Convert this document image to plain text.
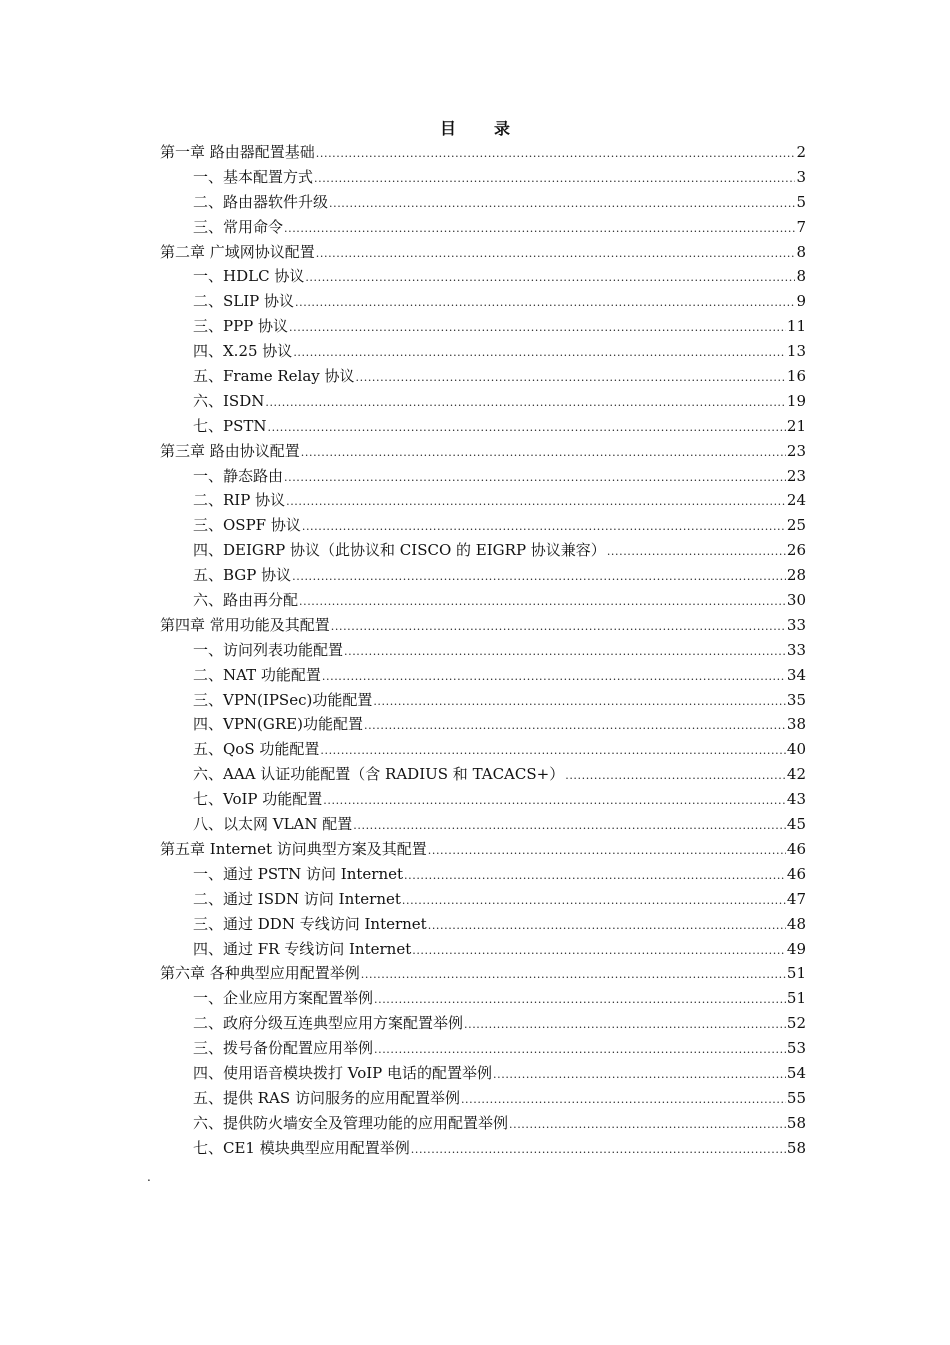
目 录
第一章 路由器配置基础 .....	2
一、基本配置方式 .....	3
二、路由器软件升级 .....	5
三、常用命令 .....	7
第二章 广域网协议配置 .....	8
一、HDLC 协议 .....	8
二、SLIP 协议 .....	9
三、PPP 协议 .....	11
四、X.25 协议 .....	13
五、Frame Relay 协议 .....	16
六、ISDN .....	19
七、PSTN .....	21
第三章 路由协议配置 .....	23
一、静态路由 .....	23
二、RIP 协议 .....	24
三、OSPF 协议 .....	25
四、DEIGRP 协议（此协议和 CISCO 的 EIGRP 协议兼容） .....	26
五、BGP 协议 .....	28
六、路由再分配 .....	30
第四章 常用功能及其配置 .....	33
一、访问列表功能配置 .....	33
二、NAT 功能配置 .....	34
三、VPN(IPSec)功能配置 .....	35
四、VPN(GRE)功能配置 .....	38
五、QoS 功能配置 .....	40
六、AAA 认证功能配置（含 RADIUS 和 TACACS+） .....	42
七、VoIP 功能配置 .....	43
八、以太网 VLAN 配置 .....	45
第五章 Internet 访问典型方案及其配置 .....	46
一、通过 PSTN 访问 Internet .....	46
二、通过 ISDN 访问 Internet .....	47
三、通过 DDN 专线访问 Internet .....	48
四、通过 FR 专线访问 Internet .....	49
第六章 各种典型应用配置举例 .....	51
一、企业应用方案配置举例 .....	51
二、政府分级互连典型应用方案配置举例 .....	52
三、拨号备份配置应用举例 .....	53
四、使用语音模块拨打 VoIP 电话的配置举例 .....	54
五、提供 RAS 访问服务的应用配置举例 .....	55
六、提供防火墙安全及管理功能的应用配置举例 .....	58
七、CE1 模块典型应用配置举例 .....	58
.
